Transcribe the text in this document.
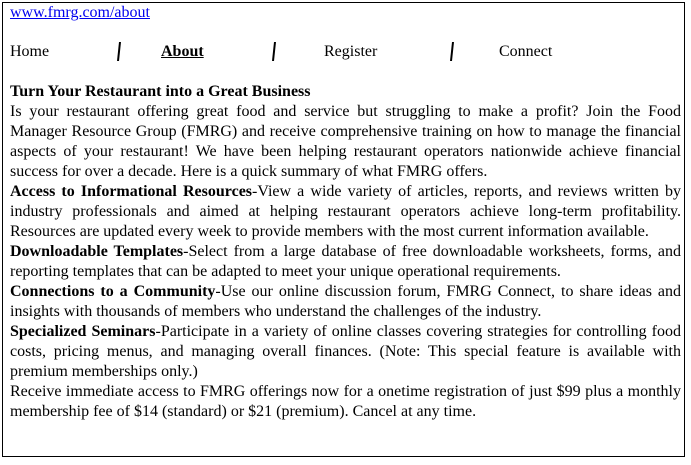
www.fmrg.com/about
Home	About	Register	Connect

Turn Your Restaurant into a Great Business

Is your restaurant offering great food and service but struggling to make a profit? Join the Food Manager Resource Group (FMRG) and receive comprehensive training on how to manage the financial aspects of your restaurant! We have been helping restaurant operators nationwide achieve financial success for over a decade. Here is a quick summary of what FMRG offers.

Access to Informational Resources-View a wide variety of articles, reports, and reviews written by industry professionals and aimed at helping restaurant operators achieve long-term profitability. Resources are updated every week to provide members with the most current information available.

Downloadable Templates-Select from a large database of free downloadable worksheets, forms, and reporting templates that can be adapted to meet your unique operational requirements.

Connections to a Community-Use our online discussion forum, FMRG Connect, to share ideas and insights with thousands of members who understand the challenges of the industry.

Specialized Seminars-Participate in a variety of online classes covering strategies for controlling food costs, pricing menus, and managing overall finances. (Note: This special feature is available with premium memberships only.)

Receive immediate access to FMRG offerings now for a onetime registration of just $99 plus a monthly membership fee of $14 (standard) or $21 (premium). Cancel at any time.
